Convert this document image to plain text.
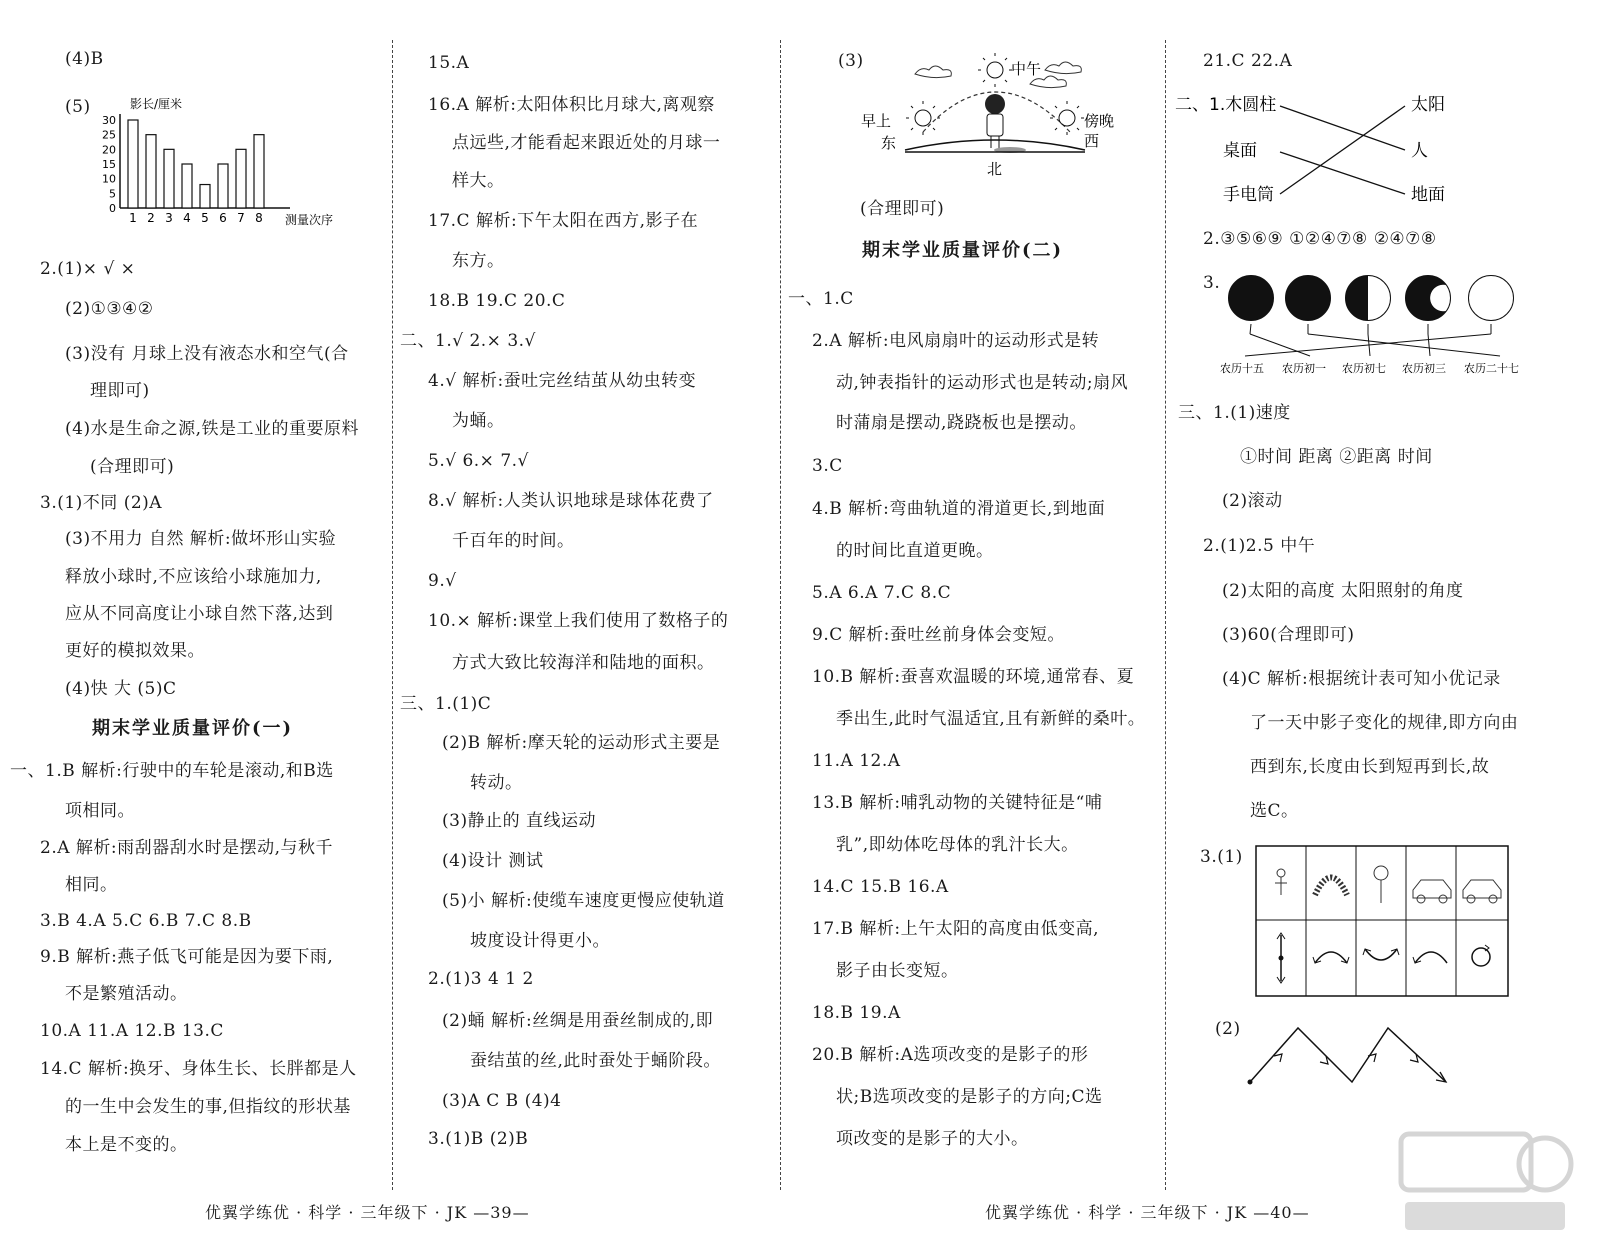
(4)B
(5)	影长/厘米
测量次序
1 2 3 4 5 6 7 8
0
5
10
15
20
25
30
2.(1)× √ ×
(2)①③④②
(3)没有 月球上没有液态水和空气(合
理即可)
(4)水是生命之源,铁是工业的重要原料
(合理即可)
3.(1)不同 (2)A
(3)不用力 自然 解析:做坏形山实验
释放小球时,不应该给小球施加力,
应从不同高度让小球自然下落,达到
更好的模拟效果。
(4)快 大 (5)C
期末学业质量评价(一)
一、1.B 解析:行驶中的车轮是滚动,和B选
项相同。
2.A 解析:雨刮器刮水时是摆动,与秋千
相同。
3.B 4.A 5.C 6.B 7.C 8.B
9.B 解析:燕子低飞可能是因为要下雨,
不是繁殖活动。
10.A 11.A 12.B 13.C
14.C 解析:换牙、身体生长、长胖都是人
的一生中会发生的事,但指纹的形状基
本上是不变的。
15.A
16.A 解析:太阳体积比月球大,离观察
点远些,才能看起来跟近处的月球一
样大。
17.C 解析:下午太阳在西方,影子在
东方。
18.B 19.C 20.C
二、1.√ 2.× 3.√
4.√ 解析:蚕吐完丝结茧从幼虫转变
为蛹。
5.√ 6.× 7.√
8.√ 解析:人类认识地球是球体花费了
千百年的时间。
9.√
10.× 解析:课堂上我们使用了数格子的
方式大致比较海洋和陆地的面积。
三、1.(1)C
(2)B 解析:摩天轮的运动形式主要是
转动。
(3)静止的 直线运动
(4)设计 测试
(5)小 解析:使缆车速度更慢应使轨道
坡度设计得更小。
2.(1)3 4 1 2
(2)蛹 解析:丝绸是用蚕丝制成的,即
蚕结茧的丝,此时蚕处于蛹阶段。
(3)A C B (4)4
3.(1)B (2)B
(3)	中午
早上
东
傍晚
西
北
(合理即可)
期末学业质量评价(二)
一、1.C
2.A 解析:电风扇扇叶的运动形式是转
动,钟表指针的运动形式也是转动;扇风
时蒲扇是摆动,跷跷板也是摆动。
3.C
4.B 解析:弯曲轨道的滑道更长,到地面
的时间比直道更晚。
5.A 6.A 7.C 8.C
9.C 解析:蚕吐丝前身体会变短。
10.B 解析:蚕喜欢温暖的环境,通常春、夏
季出生,此时气温适宜,且有新鲜的桑叶。
11.A 12.A
13.B 解析:哺乳动物的关键特征是“哺
乳”,即幼体吃母体的乳汁长大。
14.C 15.B 16.A
17.B 解析:上午太阳的高度由低变高,
影子由长变短。
18.B 19.A
20.B 解析:A选项改变的是影子的形
状;B选项改变的是影子的方向;C选
项改变的是影子的大小。
21.C 22.A
二、1.木圆柱
桌面
手电筒
太阳
人
地面
2.③⑤⑥⑨ ①②④⑦⑧ ②④⑦⑧
3.
农历十五 农历初一 农历初七 农历初三 农历二十七
三、1.(1)速度
①时间 距离 ②距离 时间
(2)滚动
2.(1)2.5 中午
(2)太阳的高度 太阳照射的角度
(3)60(合理即可)
(4)C 解析:根据统计表可知小优记录
了一天中影子变化的规律,即方向由
西到东,长度由长到短再到长,故
选C。
3.(1)
(2)
优翼学练优 · 科学 · 三年级下 · JK —39—	优翼学练优 · 科学 · 三年级下 · JK —40—
